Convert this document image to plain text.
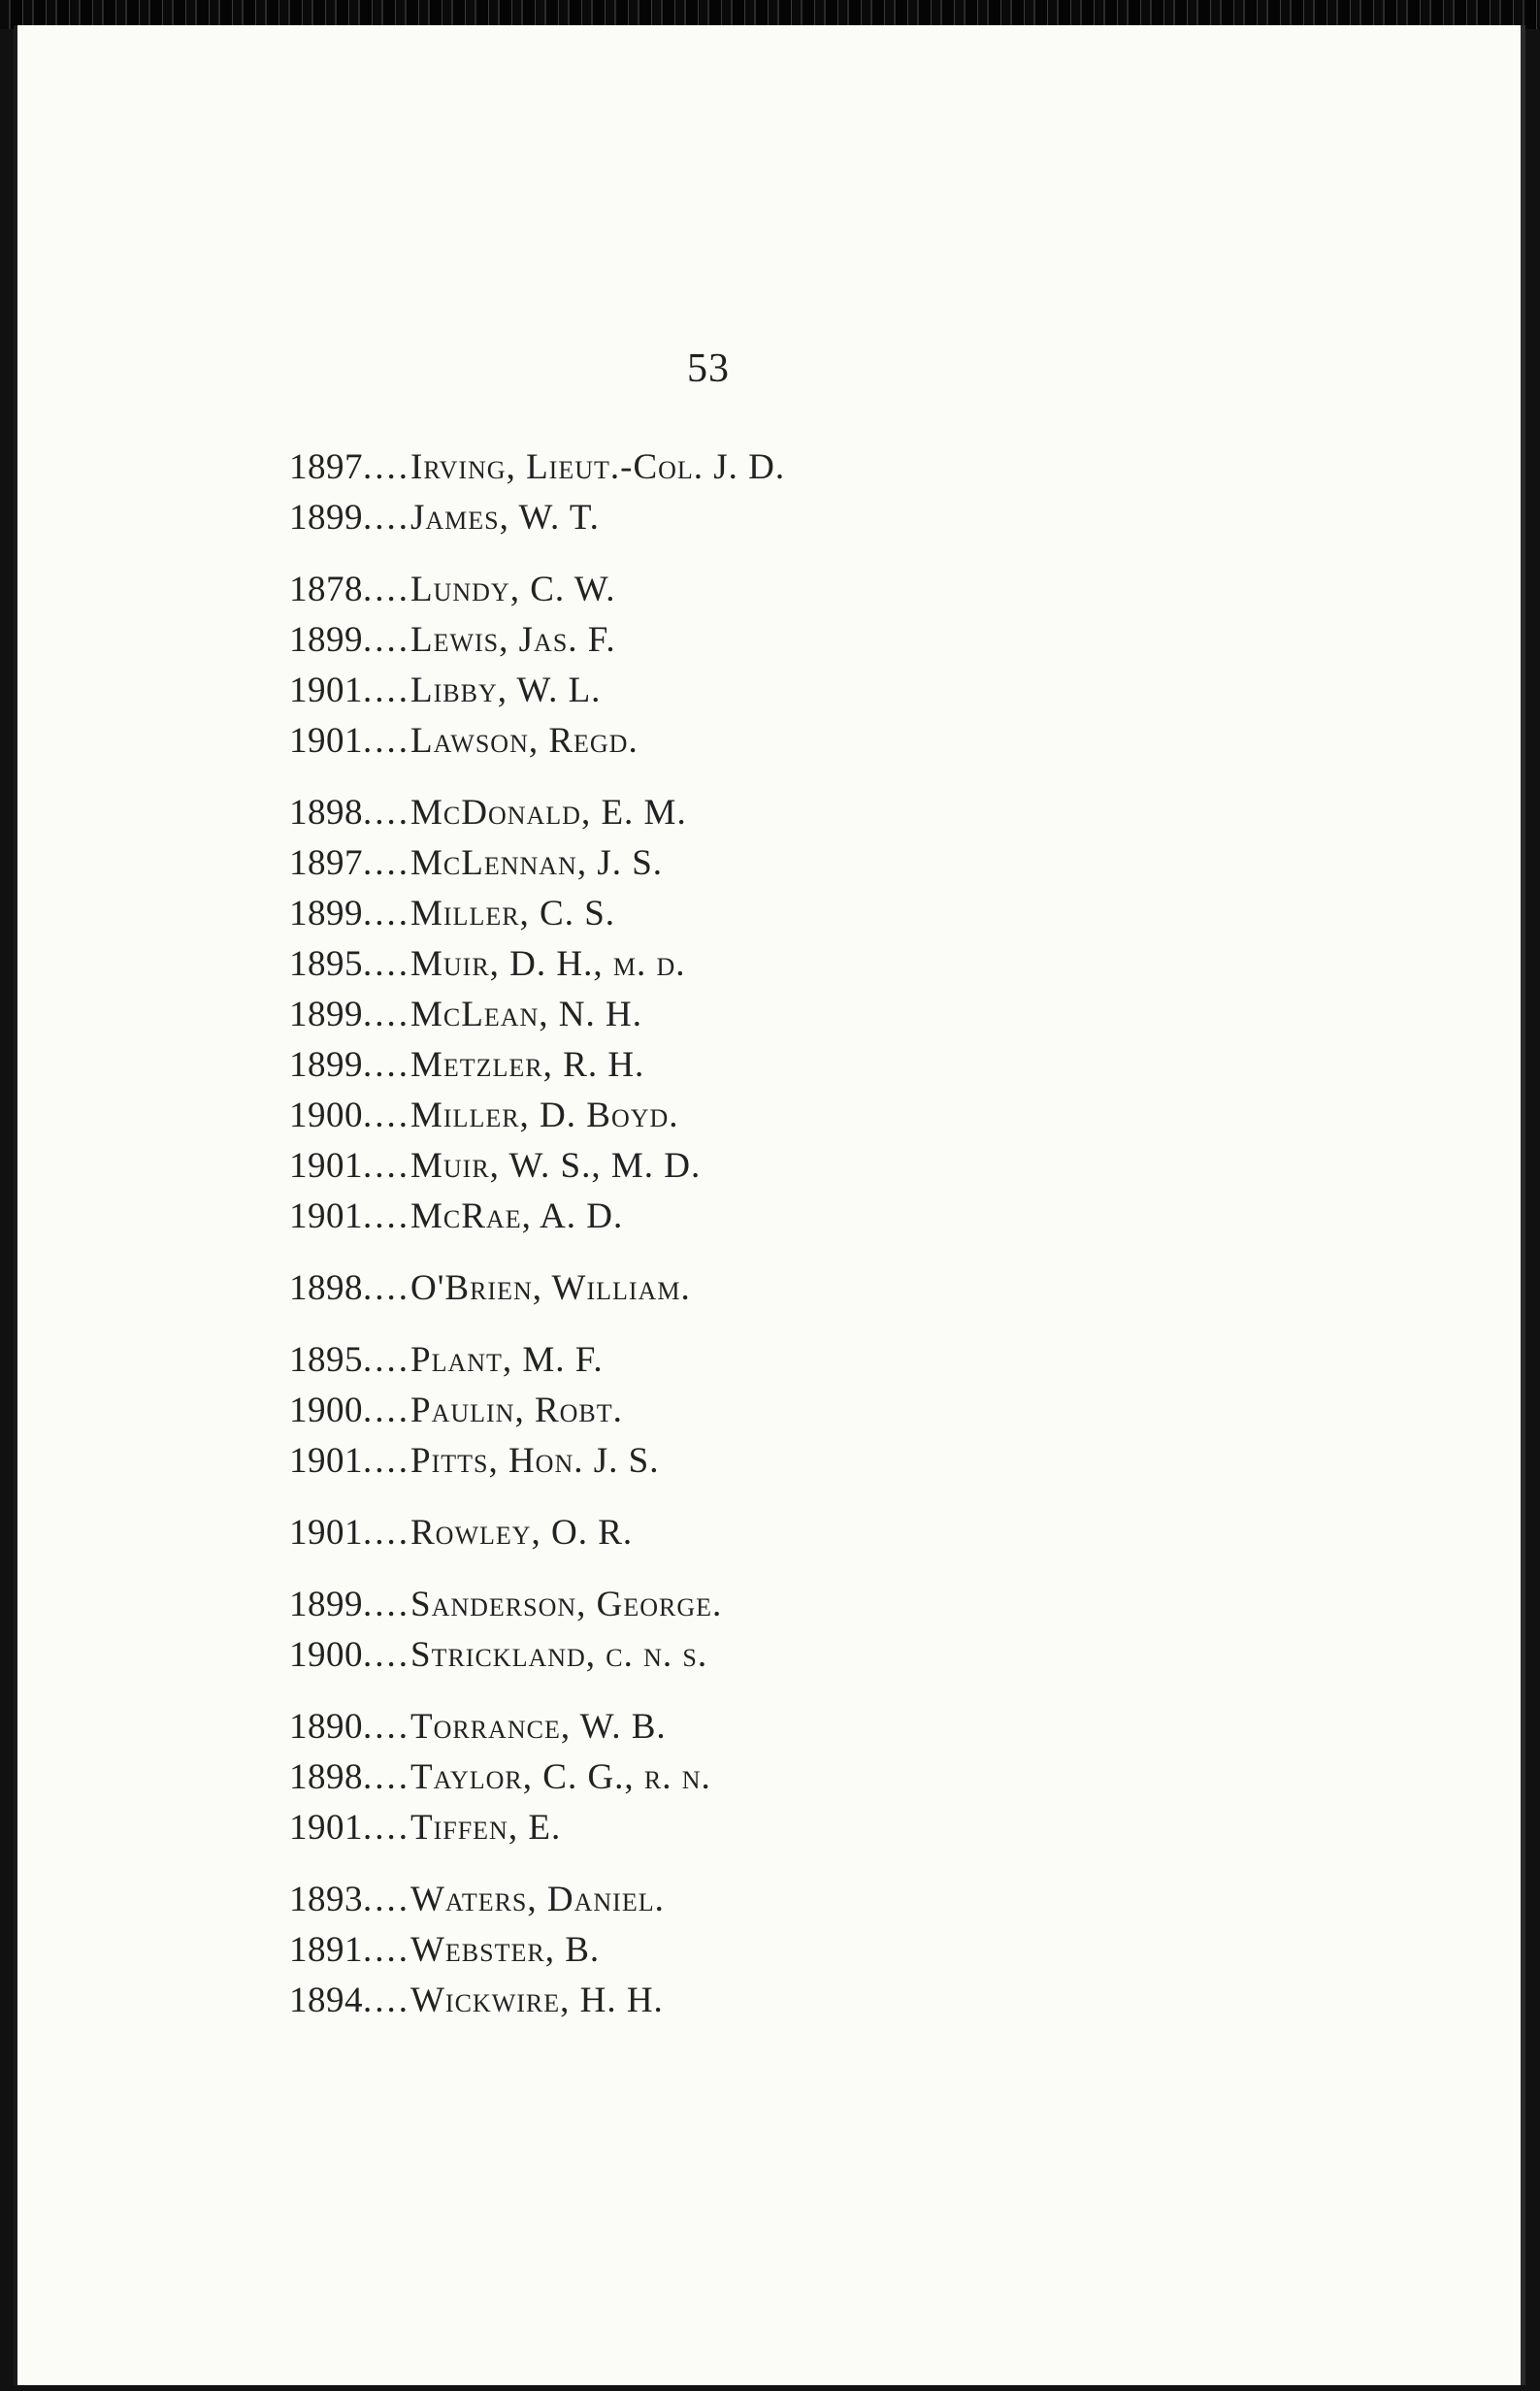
53
1897....Irving, Lieut.-Col. J. D.
1899....James, W. T.
1878....Lundy, C. W.
1899....Lewis, Jas. F.
1901....Libby, W. L.
1901....Lawson, Regd.
1898....McDonald, E. M.
1897....McLennan, J. S.
1899....Miller, C. S.
1895....Muir, D. H., m. d.
1899....McLean, N. H.
1899....Metzler, R. H.
1900....Miller, D. Boyd.
1901....Muir, W. S., M. D.
1901....McRae, A. D.
1898....O'Brien, William.
1895....Plant, M. F.
1900....Paulin, Robt.
1901....Pitts, Hon. J. S.
1901....Rowley, O. R.
1899....Sanderson, George.
1900....Strickland, c. n. s.
1890....Torrance, W. B.
1898....Taylor, C. G., r. n.
1901....Tiffen, E.
1893....Waters, Daniel.
1891....Webster, B.
1894....Wickwire, H. H.
